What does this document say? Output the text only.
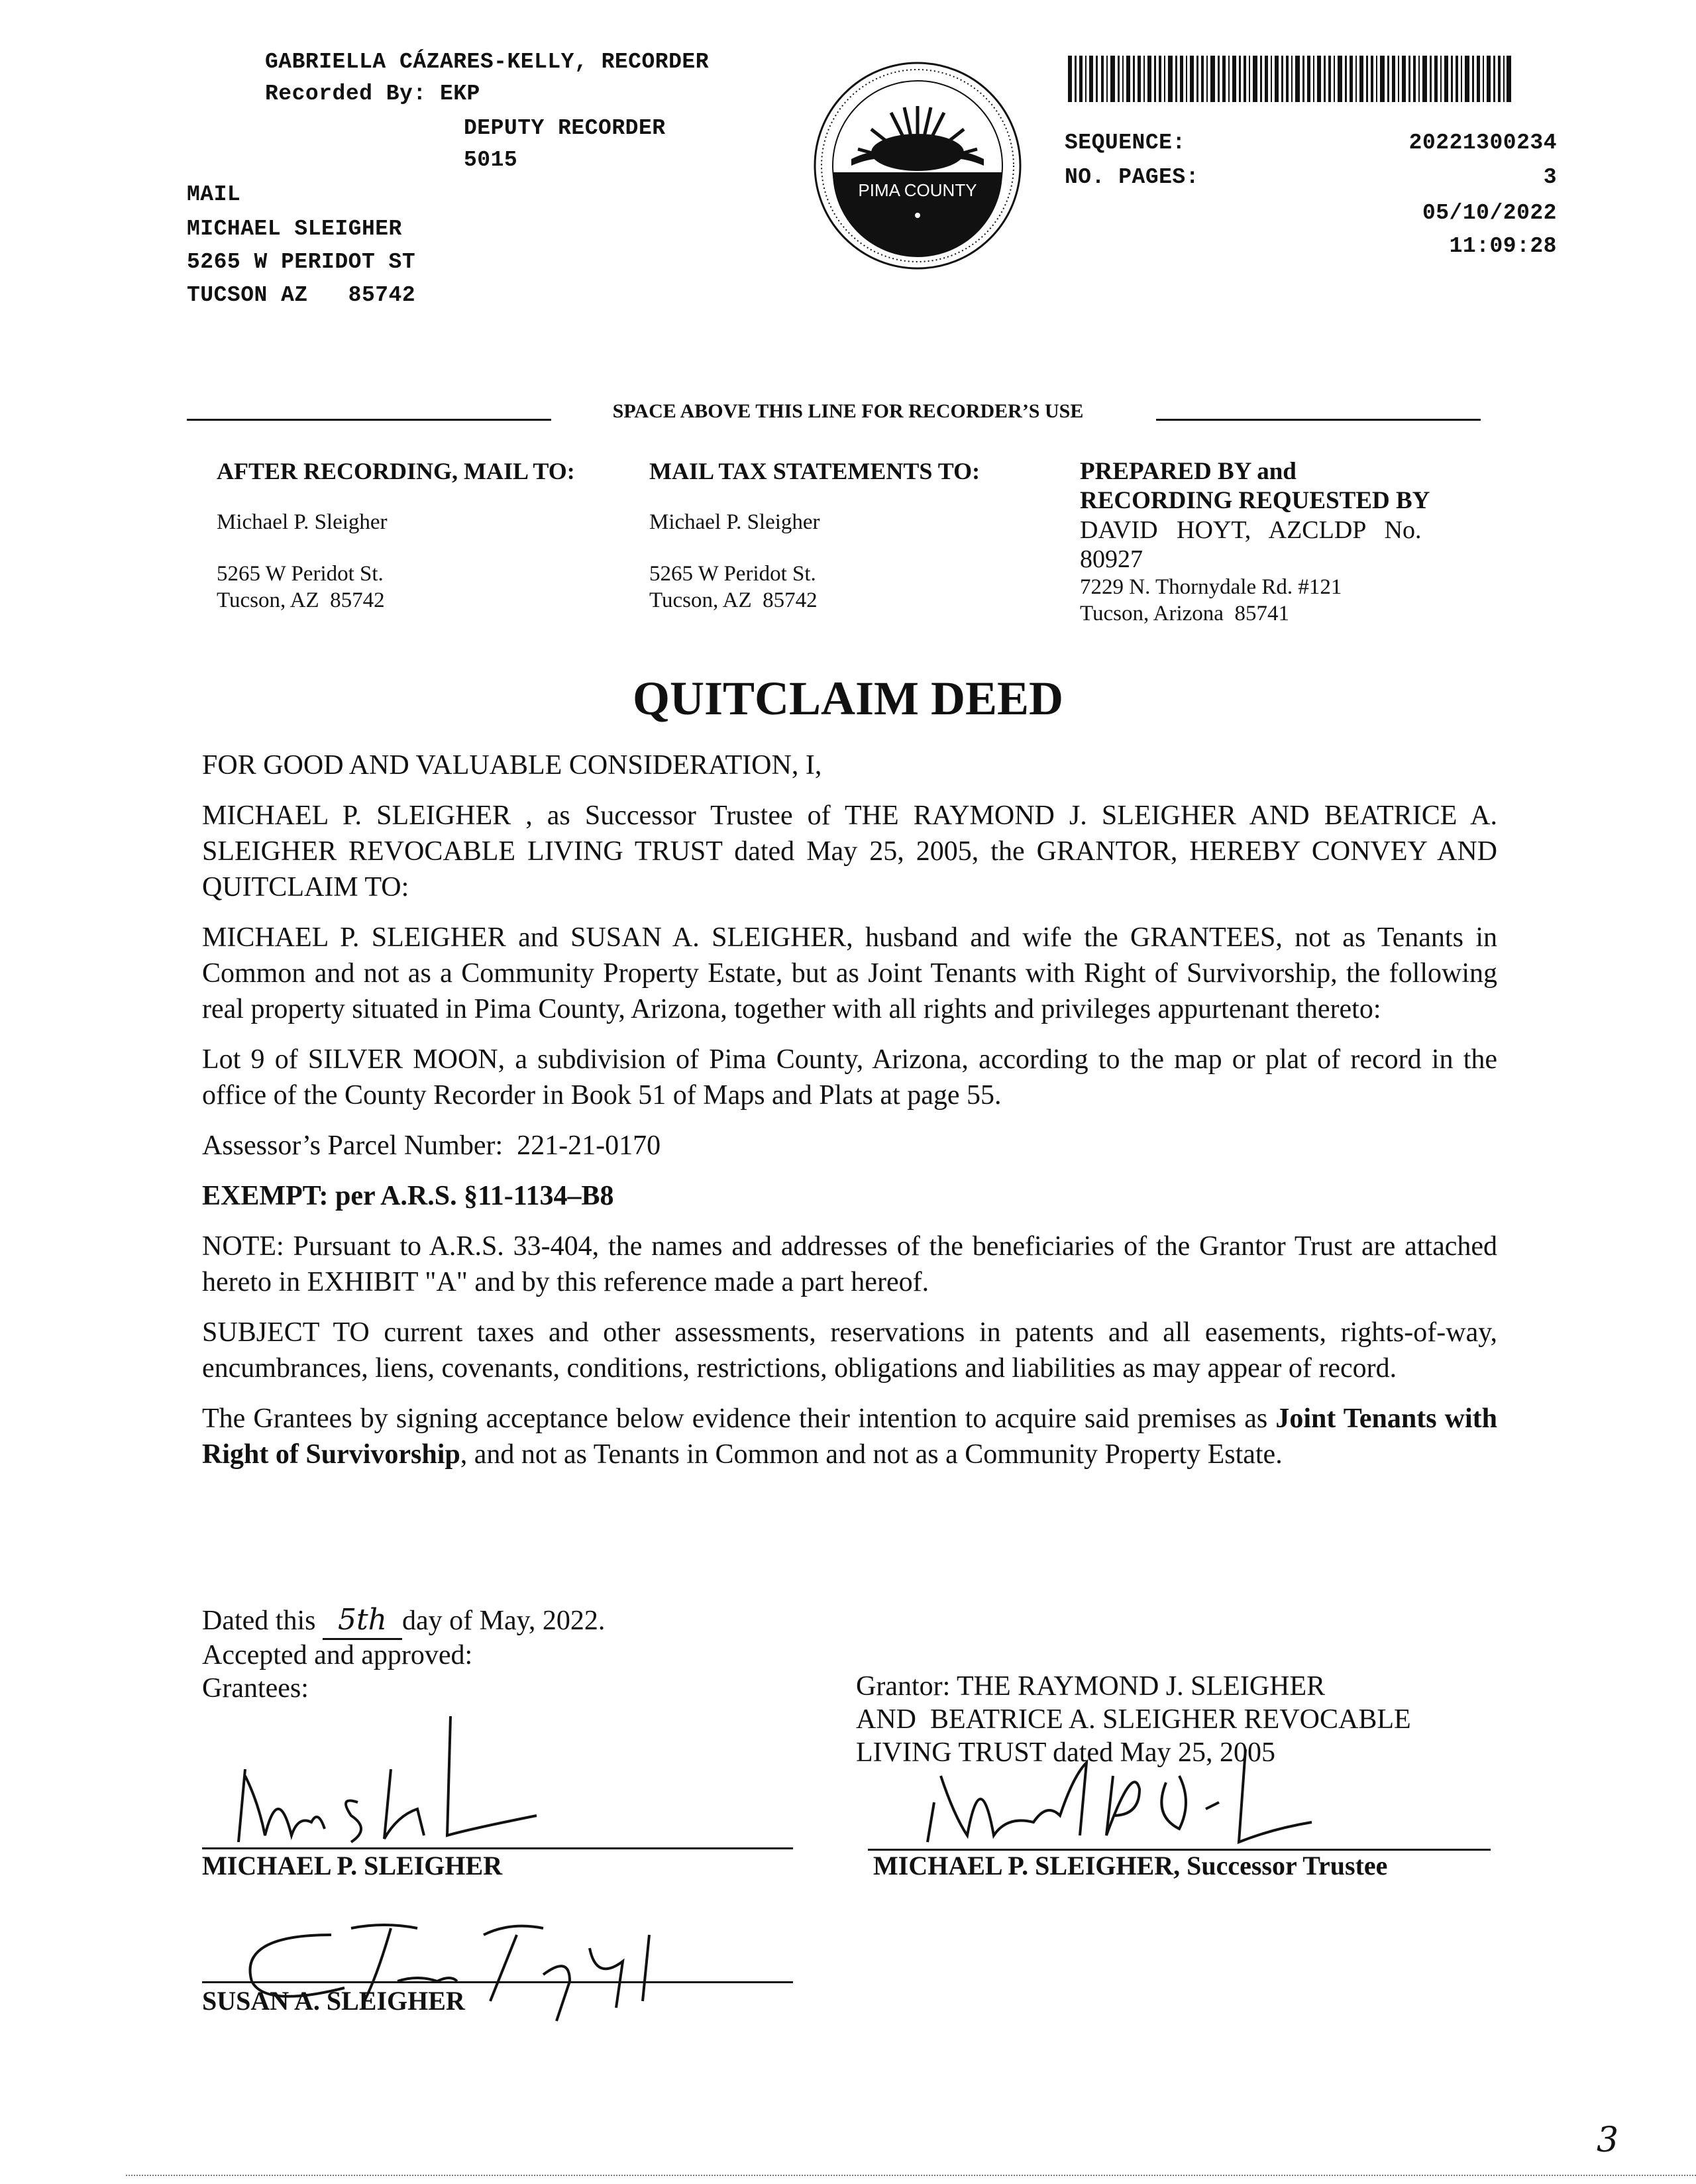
GABRIELLA CÁZARES-KELLY, RECORDER
Recorded By: EKP
DEPUTY RECORDER
5015
MAIL
MICHAEL SLEIGHER
5265 W PERIDOT ST
TUCSON AZ   85742
PIMA COUNTY
SEQUENCE:	20221300234
NO. PAGES:	3
05/10/2022
11:09:28
SPACE ABOVE THIS LINE FOR RECORDER’S USE
AFTER RECORDING, MAIL TO:
Michael P. Sleigher
5265 W Peridot St.
Tucson, AZ  85742
MAIL TAX STATEMENTS TO:
Michael P. Sleigher
5265 W Peridot St.
Tucson, AZ  85742
PREPARED BY and
RECORDING REQUESTED BY
DAVID   HOYT,   AZCLDP   No.
80927
7229 N. Thornydale Rd. #121
Tucson, Arizona  85741
QUITCLAIM DEED
FOR GOOD AND VALUABLE CONSIDERATION, I,
MICHAEL P. SLEIGHER , as Successor Trustee of THE RAYMOND J. SLEIGHER AND BEATRICE A. SLEIGHER REVOCABLE LIVING TRUST dated May 25, 2005, the GRANTOR, HEREBY CONVEY AND QUITCLAIM TO:
MICHAEL P. SLEIGHER and SUSAN A. SLEIGHER, husband and wife the GRANTEES, not as Tenants in Common and not as a Community Property Estate, but as Joint Tenants with Right of Survivorship, the following real property situated in Pima County, Arizona, together with all rights and privileges appurtenant thereto:
Lot 9 of SILVER MOON, a subdivision of Pima County, Arizona, according to the map or plat of record in the office of the County Recorder in Book 51 of Maps and Plats at page 55.
Assessor’s Parcel Number:  221-21-0170
EXEMPT: per A.R.S. §11-1134–B8
NOTE: Pursuant to A.R.S. 33-404, the names and addresses of the beneficiaries of the Grantor Trust are attached hereto in EXHIBIT "A" and by this reference made a part hereof.
SUBJECT TO current taxes and other assessments, reservations in patents and all easements, rights-of-way, encumbrances, liens, covenants, conditions, restrictions, obligations and liabilities as may appear of record.
The Grantees by signing acceptance below evidence their intention to acquire said premises as Joint Tenants with Right of Survivorship, and not as Tenants in Common and not as a Community Property Estate.
Dated this 5th day of May, 2022.
Accepted and approved:
Grantees:	Grantor: THE RAYMOND J. SLEIGHER
AND  BEATRICE A. SLEIGHER REVOCABLE
LIVING TRUST dated May 25, 2005
MICHAEL P. SLEIGHER
SUSAN A. SLEIGHER
MICHAEL P. SLEIGHER, Successor Trustee
3
